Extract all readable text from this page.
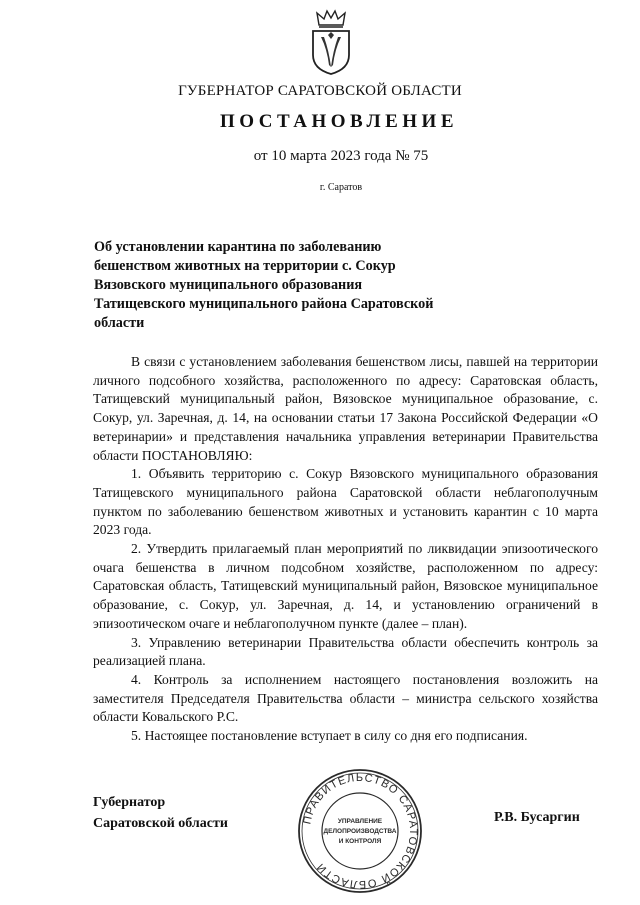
ГУБЕРНАТОР САРАТОВСКОЙ ОБЛАСТИ
ПОСТАНОВЛЕНИЕ
от 10 марта 2023 года № 75
г. Саратов
Об установлении карантина по заболеванию
бешенством животных на территории с. Сокур
Вязовского муниципального образования
Татищевского муниципального района Саратовской
области

В связи с установлением заболевания бешенством лисы, павшей на территории личного подсобного хозяйства, расположенного по адресу: Саратовская область, Татищевский муниципальный район, Вязовское муниципальное образование, с. Сокур, ул. Заречная, д. 14, на основании статьи 17 Закона Российской Федерации «О ветеринарии» и представления начальника управления ветеринарии Правительства области ПОСТАНОВЛЯЮ:

1. Объявить территорию с. Сокур Вязовского муниципального образования Татищевского муниципального района Саратовской области неблагополучным пунктом по заболеванию бешенством животных и установить карантин с 10 марта 2023 года.

2. Утвердить прилагаемый план мероприятий по ликвидации эпизоотического очага бешенства в личном подсобном хозяйстве, расположенном по адресу: Саратовская область, Татищевский муниципальный район, Вязовское муниципальное образование, с. Сокур, ул. Заречная, д. 14, и установлению ограничений в эпизоотическом очаге и неблагополучном пункте (далее – план).

3. Управлению ветеринарии Правительства области обеспечить контроль за реализацией плана.

4. Контроль за исполнением настоящего постановления возложить на заместителя Председателя Правительства области – министра сельского хозяйства области Ковальского Р.С.

5. Настоящее постановление вступает в силу со дня его подписания.

Губернатор
Саратовской области	Р.В. Бусаргин
ПРАВИТЕЛЬСТВО САРАТОВСКОЙ ОБЛАСТИ
УПРАВЛЕНИЕ
ДЕЛОПРОИЗВОДСТВА
И КОНТРОЛЯ
